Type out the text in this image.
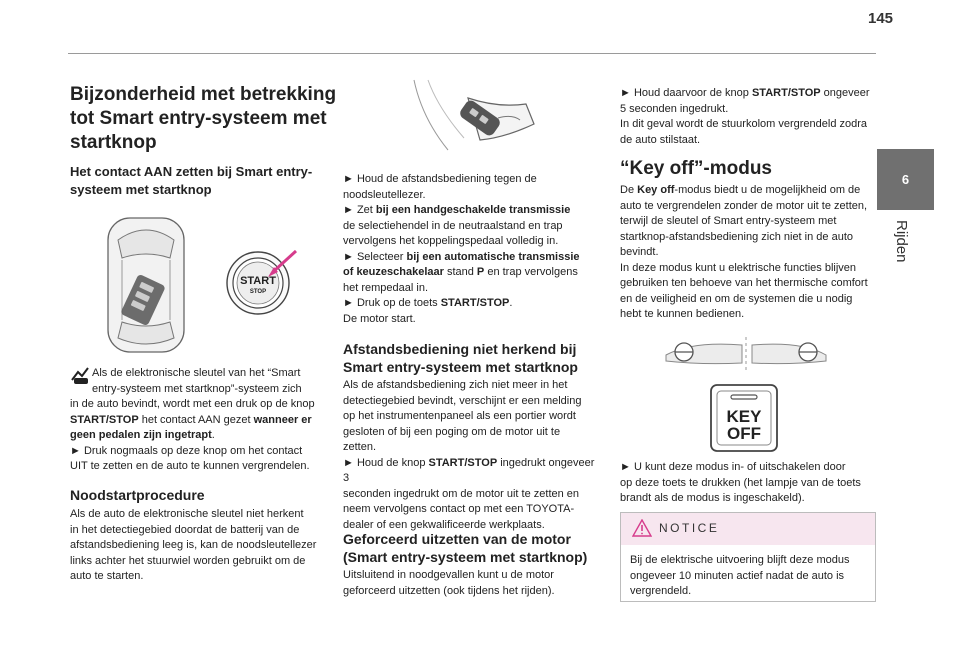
145
6
Rijden
Bijzonderheid met betrekking
tot Smart entry-systeem met
startknop
Het contact AAN zetten bij Smart entry-
systeem met startknop
START
STOP

Als de elektronische sleutel van het “Smart
entry-systeem met startknop”-systeem zich
in de auto bevindt, wordt met een druk op de knop
START/STOP het contact AAN gezet wanneer er
geen pedalen zijn ingetrapt.
► Druk nogmaals op deze knop om het contact
UIT te zetten en de auto te kunnen vergrendelen.

Noodstartprocedure

Als de auto de elektronische sleutel niet herkent
in het detectiegebied doordat de batterij van de
afstandsbediening leeg is, kan de noodsleutellezer
links achter het stuurwiel worden gebruikt om de
auto te starten.

► Houd de afstandsbediening tegen de
noodsleutellezer.
► Zet bij een handgeschakelde transmissie
de selectiehendel in de neutraalstand en trap
vervolgens het koppelingspedaal volledig in.
► Selecteer bij een automatische transmissie
of keuzeschakelaar stand P en trap vervolgens
het rempedaal in.
► Druk op de toets START/STOP.
De motor start.

Afstandsbediening niet herkend bij
Smart entry-systeem met startknop

Als de afstandsbediening zich niet meer in het
detectiegebied bevindt, verschijnt er een melding
op het instrumentenpaneel als een portier wordt
gesloten of bij een poging om de motor uit te
zetten.
► Houd de knop START/STOP ingedrukt ongeveer 3
seconden ingedrukt om de motor uit te zetten en
neem vervolgens contact op met een TOYOTA-
dealer of een gekwalificeerde werkplaats.

Geforceerd uitzetten van de motor
(Smart entry-systeem met startknop)

Uitsluitend in noodgevallen kunt u de motor
geforceerd uitzetten (ook tijdens het rijden).

► Houd daarvoor de knop START/STOP ongeveer
5 seconden ingedrukt.
In dit geval wordt de stuurkolom vergrendeld zodra
de auto stilstaat.

“Key off”-modus

De Key off-modus biedt u de mogelijkheid om de
auto te vergrendelen zonder de motor uit te zetten,
terwijl de sleutel of Smart entry-systeem met
startknop-afstandsbediening zich niet in de auto
bevindt.
In deze modus kunt u elektrische functies blijven
gebruiken ten behoeve van het thermische comfort
en de veiligheid en om de systemen die u nodig
hebt te kunnen bedienen.

KEY
OFF

► U kunt deze modus in- of uitschakelen door
op deze toets te drukken (het lampje van de toets
brandt als de modus is ingeschakeld).

NOTICE
Bij de elektrische uitvoering blijft deze modus
ongeveer 10 minuten actief nadat de auto is
vergrendeld.
